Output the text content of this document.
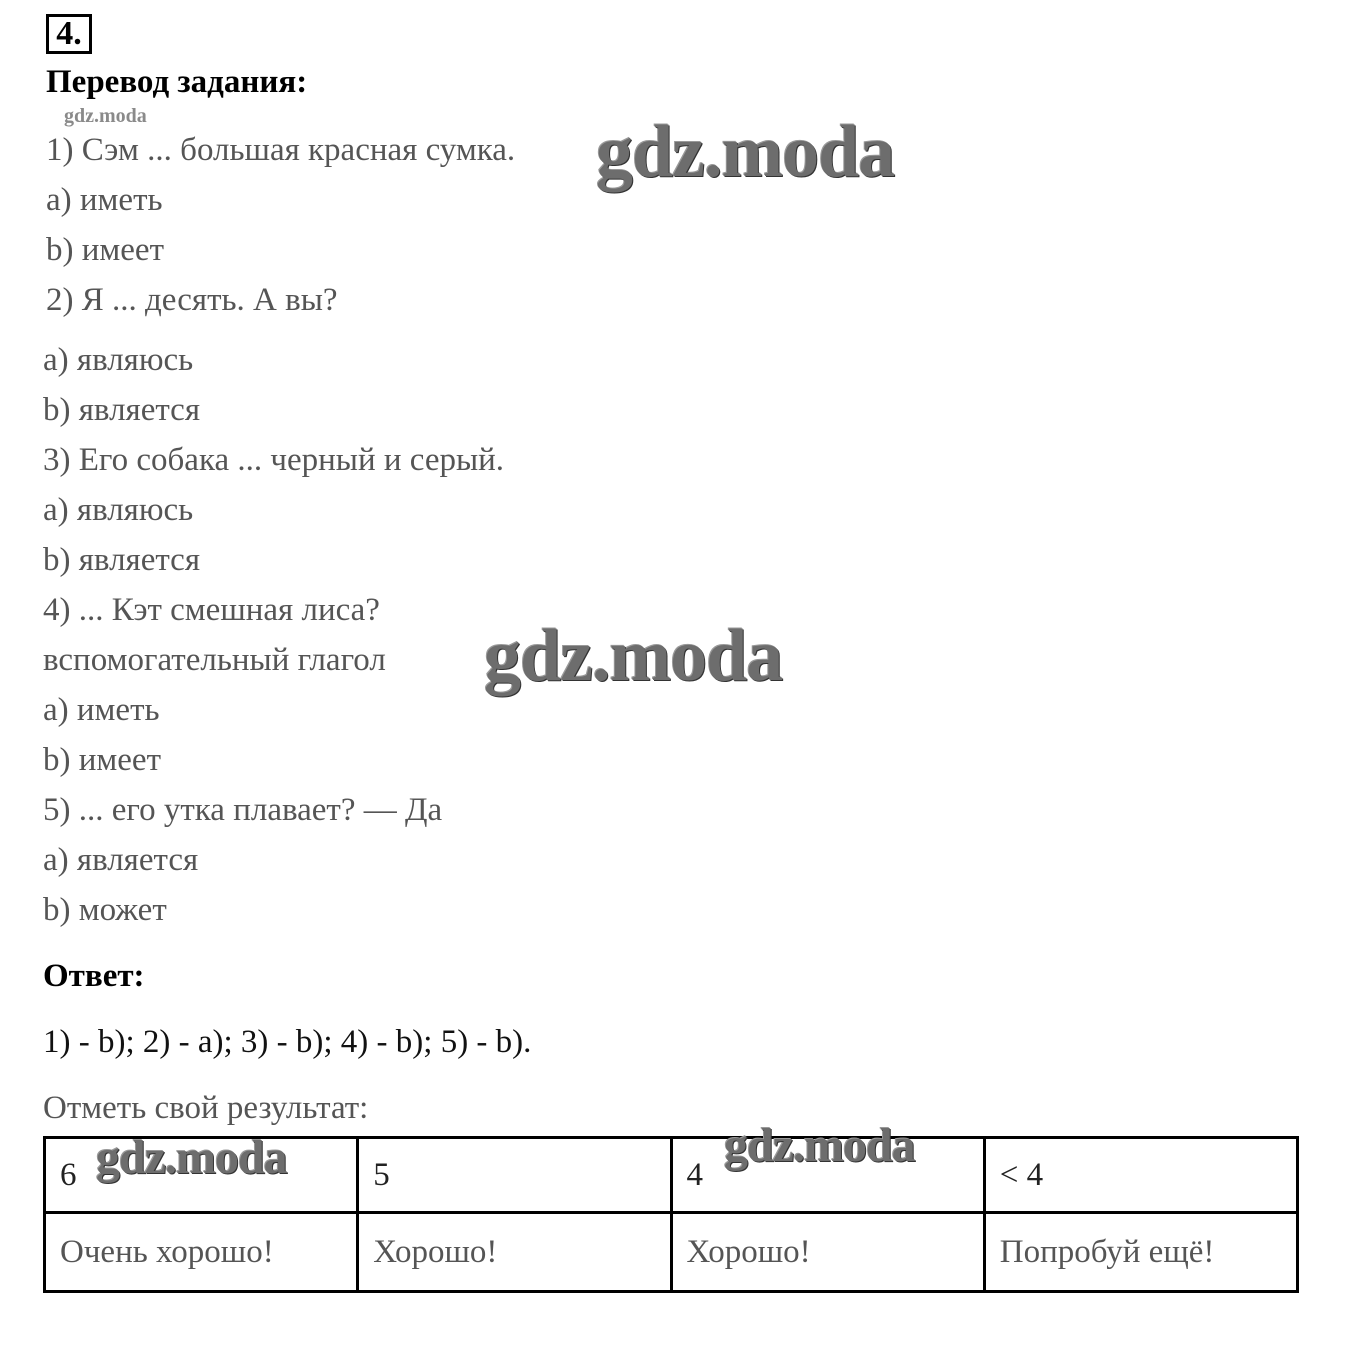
4.
Перевод задания:
gdz.moda
1) Сэм ... большая красная сумка.
a) иметь
b) имеет
2) Я ... десять. А вы?
a) являюсь
b) является
3) Его собака ... черный и серый.
a) являюсь
b) является
4) ... Кэт смешная лиса?
вспомогательный глагол
a) иметь
b) имеет
5) ... его утка плавает? — Да
a) является
b) может
Ответ:
1) - b); 2) - a); 3) - b); 4) - b); 5) - b).
Отметь свой результат:
6	5	4	< 4
Очень хорошо!	Хорошо!	Хорошо!	Попробуй ещё!
gdz.moda
gdz.moda
gdz.moda	gdz.moda
